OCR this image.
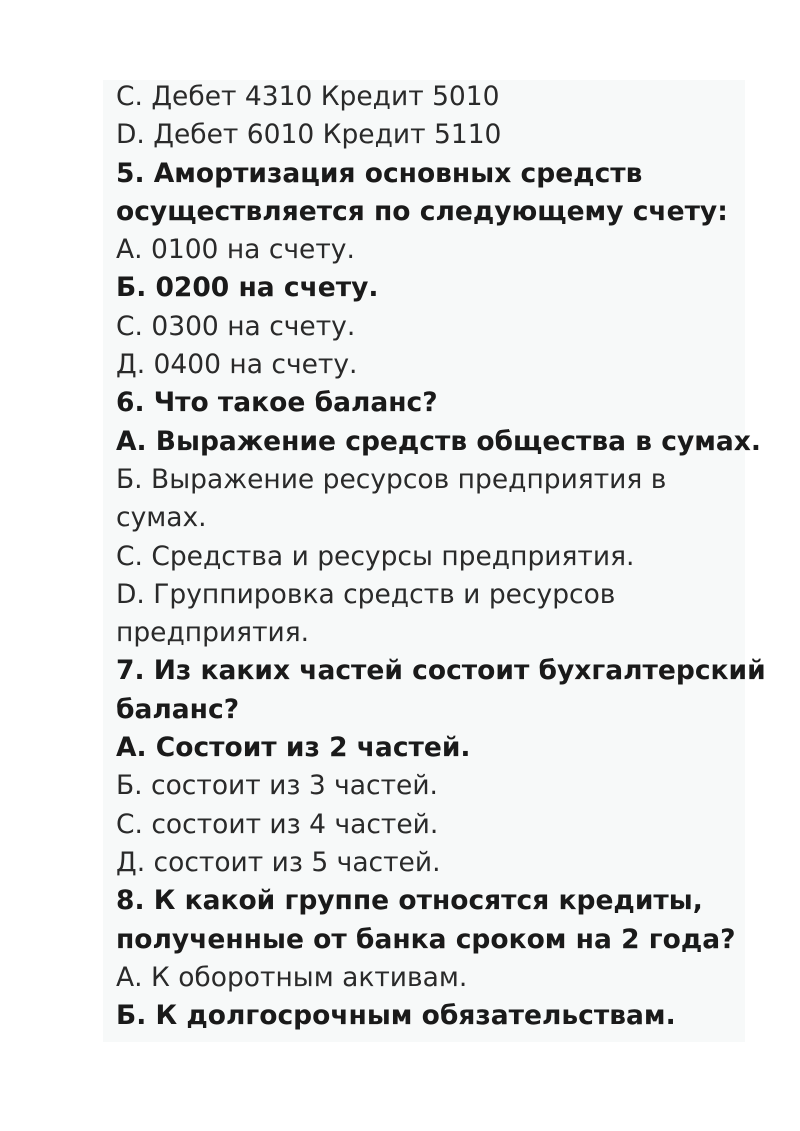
С. Дебет 4310 Кредит 5010
D. Дебет 6010 Кредит 5110
5. Амортизация основных средств
осуществляется по следующему счету:
А. 0100 на счету.
Б. 0200 на счету.
С. 0300 на счету.
Д. 0400 на счету.
6. Что такое баланс?
А. Выражение средств общества в сумах.
Б. Выражение ресурсов предприятия в
сумах.
С. Средства и ресурсы предприятия.
D. Группировка средств и ресурсов
предприятия.
7. Из каких частей состоит бухгалтерский
баланс?
А. Состоит из 2 частей.
Б. состоит из 3 частей.
С. состоит из 4 частей.
Д. состоит из 5 частей.
8. К какой группе относятся кредиты,
полученные от банка сроком на 2 года?
А. К оборотным активам.
Б. К долгосрочным обязательствам.
